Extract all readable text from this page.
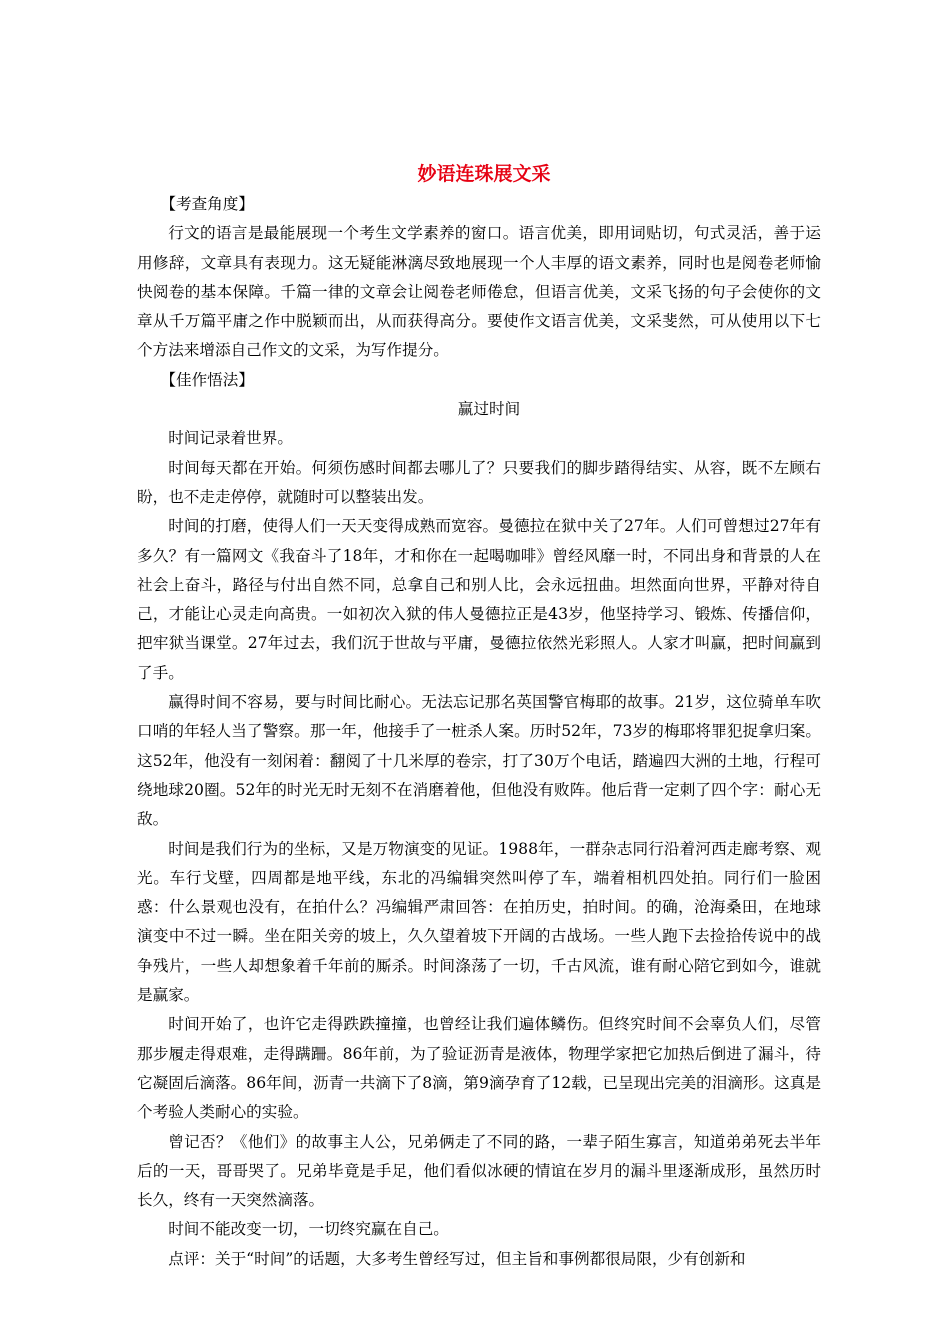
妙语连珠展文采

【考查角度】

行文的语言是最能展现一个考生文学素养的窗口。语言优美，即用词贴切，句式灵活，善于运用修辞，文章具有表现力。这无疑能淋漓尽致地展现一个人丰厚的语文素养，同时也是阅卷老师愉快阅卷的基本保障。千篇一律的文章会让阅卷老师倦怠，但语言优美，文采飞扬的句子会使你的文章从千万篇平庸之作中脱颖而出，从而获得高分。要使作文语言优美，文采斐然，可从使用以下七个方法来增添自己作文的文采，为写作提分。

【佳作悟法】

赢过时间

时间记录着世界。

时间每天都在开始。何须伤感时间都去哪儿了？只要我们的脚步踏得结实、从容，既不左顾右盼，也不走走停停，就随时可以整装出发。

时间的打磨，使得人们一天天变得成熟而宽容。曼德拉在狱中关了27年。人们可曾想过27年有多久？有一篇网文《我奋斗了18年，才和你在一起喝咖啡》曾经风靡一时，不同出身和背景的人在社会上奋斗，路径与付出自然不同，总拿自己和别人比，会永远扭曲。坦然面向世界，平静对待自己，才能让心灵走向高贵。一如初次入狱的伟人曼德拉正是43岁，他坚持学习、锻炼、传播信仰，把牢狱当课堂。27年过去，我们沉于世故与平庸，曼德拉依然光彩照人。人家才叫赢，把时间赢到了手。

赢得时间不容易，要与时间比耐心。无法忘记那名英国警官梅耶的故事。21岁，这位骑单车吹口哨的年轻人当了警察。那一年，他接手了一桩杀人案。历时52年，73岁的梅耶将罪犯捉拿归案。这52年，他没有一刻闲着：翻阅了十几米厚的卷宗，打了30万个电话，踏遍四大洲的土地，行程可绕地球20圈。52年的时光无时无刻不在消磨着他，但他没有败阵。他后背一定刺了四个字：耐心无敌。

时间是我们行为的坐标，又是万物演变的见证。1988年，一群杂志同行沿着河西走廊考察、观光。车行戈壁，四周都是地平线，东北的冯编辑突然叫停了车，端着相机四处拍。同行们一脸困惑：什么景观也没有，在拍什么？冯编辑严肃回答：在拍历史，拍时间。的确，沧海桑田，在地球演变中不过一瞬。坐在阳关旁的坡上，久久望着坡下开阔的古战场。一些人跑下去捡拾传说中的战争残片，一些人却想象着千年前的厮杀。时间涤荡了一切，千古风流，谁有耐心陪它到如今，谁就是赢家。

时间开始了，也许它走得跌跌撞撞，也曾经让我们遍体鳞伤。但终究时间不会辜负人们，尽管那步履走得艰难，走得蹒跚。86年前，为了验证沥青是液体，物理学家把它加热后倒进了漏斗，待它凝固后滴落。86年间，沥青一共滴下了8滴，第9滴孕育了12载，已呈现出完美的泪滴形。这真是个考验人类耐心的实验。

曾记否？《他们》的故事主人公，兄弟俩走了不同的路，一辈子陌生寡言，知道弟弟死去半年后的一天，哥哥哭了。兄弟毕竟是手足，他们看似冰硬的情谊在岁月的漏斗里逐渐成形，虽然历时长久，终有一天突然滴落。

时间不能改变一切，一切终究赢在自己。

点评：关于“时间”的话题，大多考生曾经写过，但主旨和事例都很局限，少有创新和
